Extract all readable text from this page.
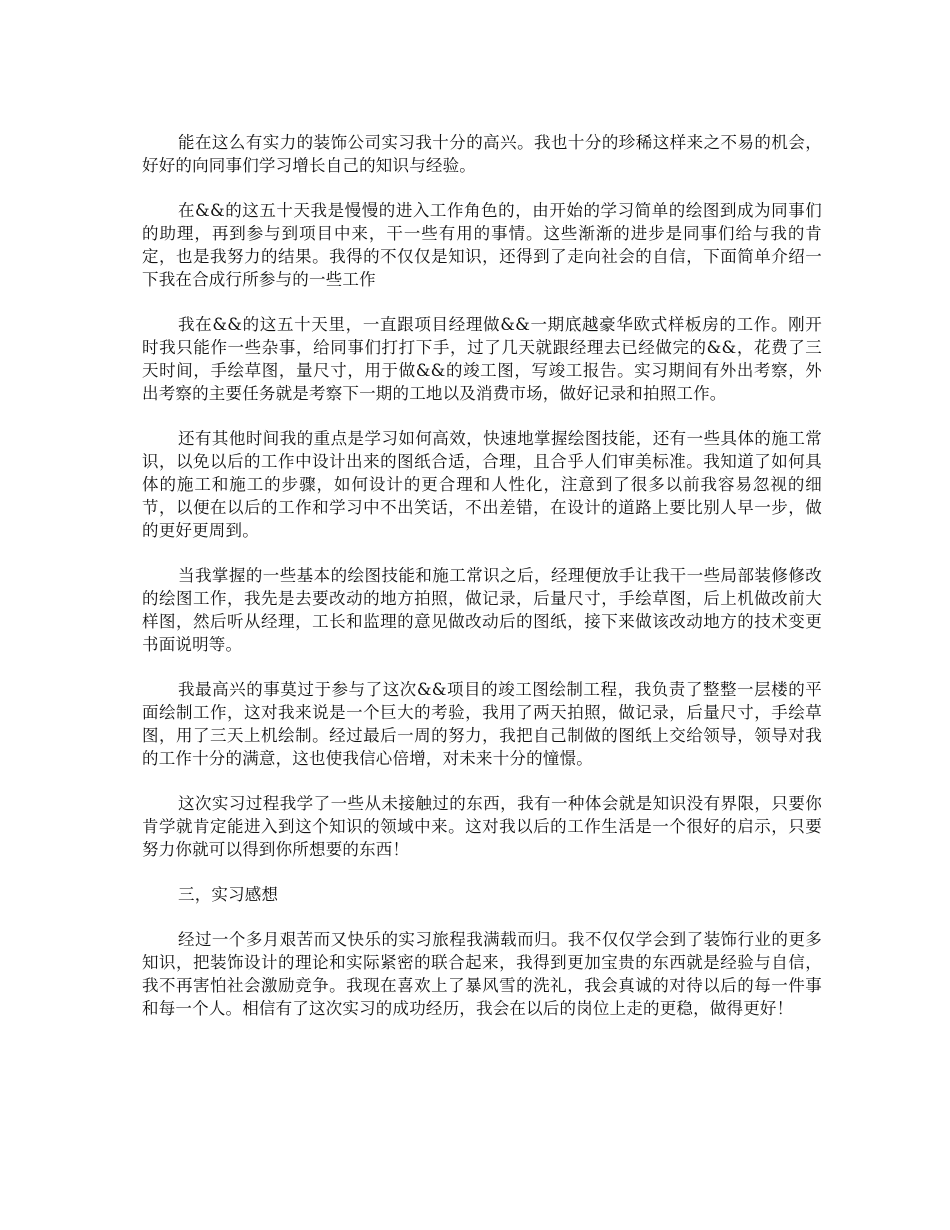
能在这么有实力的装饰公司实习我十分的高兴。我也十分的珍稀这样来之不易的机会，好好的向同事们学习增长自己的知识与经验。

在&&的这五十天我是慢慢的进入工作角色的，由开始的学习简单的绘图到成为同事们的助理，再到参与到项目中来，干一些有用的事情。这些渐渐的进步是同事们给与我的肯定，也是我努力的结果。我得的不仅仅是知识，还得到了走向社会的自信，下面简单介绍一下我在合成行所参与的一些工作

我在&&的这五十天里，一直跟项目经理做&&一期底越豪华欧式样板房的工作。刚开时我只能作一些杂事，给同事们打打下手，过了几天就跟经理去已经做完的&&，花费了三天时间，手绘草图，量尺寸，用于做&&的竣工图，写竣工报告。实习期间有外出考察，外出考察的主要任务就是考察下一期的工地以及消费市场，做好记录和拍照工作。

还有其他时间我的重点是学习如何高效，快速地掌握绘图技能，还有一些具体的施工常识，以免以后的工作中设计出来的图纸合适，合理，且合乎人们审美标准。我知道了如何具体的施工和施工的步骤，如何设计的更合理和人性化，注意到了很多以前我容易忽视的细节，以便在以后的工作和学习中不出笑话，不出差错，在设计的道路上要比别人早一步，做的更好更周到。

当我掌握的一些基本的绘图技能和施工常识之后，经理便放手让我干一些局部装修修改的绘图工作，我先是去要改动的地方拍照，做记录，后量尺寸，手绘草图，后上机做改前大样图，然后听从经理，工长和监理的意见做改动后的图纸，接下来做该改动地方的技术变更书面说明等。

我最高兴的事莫过于参与了这次&&项目的竣工图绘制工程，我负责了整整一层楼的平面绘制工作，这对我来说是一个巨大的考验，我用了两天拍照，做记录，后量尺寸，手绘草图，用了三天上机绘制。经过最后一周的努力，我把自己制做的图纸上交给领导，领导对我的工作十分的满意，这也使我信心倍增，对未来十分的憧憬。

这次实习过程我学了一些从未接触过的东西，我有一种体会就是知识没有界限，只要你肯学就肯定能进入到这个知识的领域中来。这对我以后的工作生活是一个很好的启示，只要努力你就可以得到你所想要的东西！

三，实习感想

经过一个多月艰苦而又快乐的实习旅程我满载而归。我不仅仅学会到了装饰行业的更多知识，把装饰设计的理论和实际紧密的联合起来，我得到更加宝贵的东西就是经验与自信，我不再害怕社会激励竞争。我现在喜欢上了暴风雪的洗礼，我会真诚的对待以后的每一件事和每一个人。相信有了这次实习的成功经历，我会在以后的岗位上走的更稳，做得更好！
